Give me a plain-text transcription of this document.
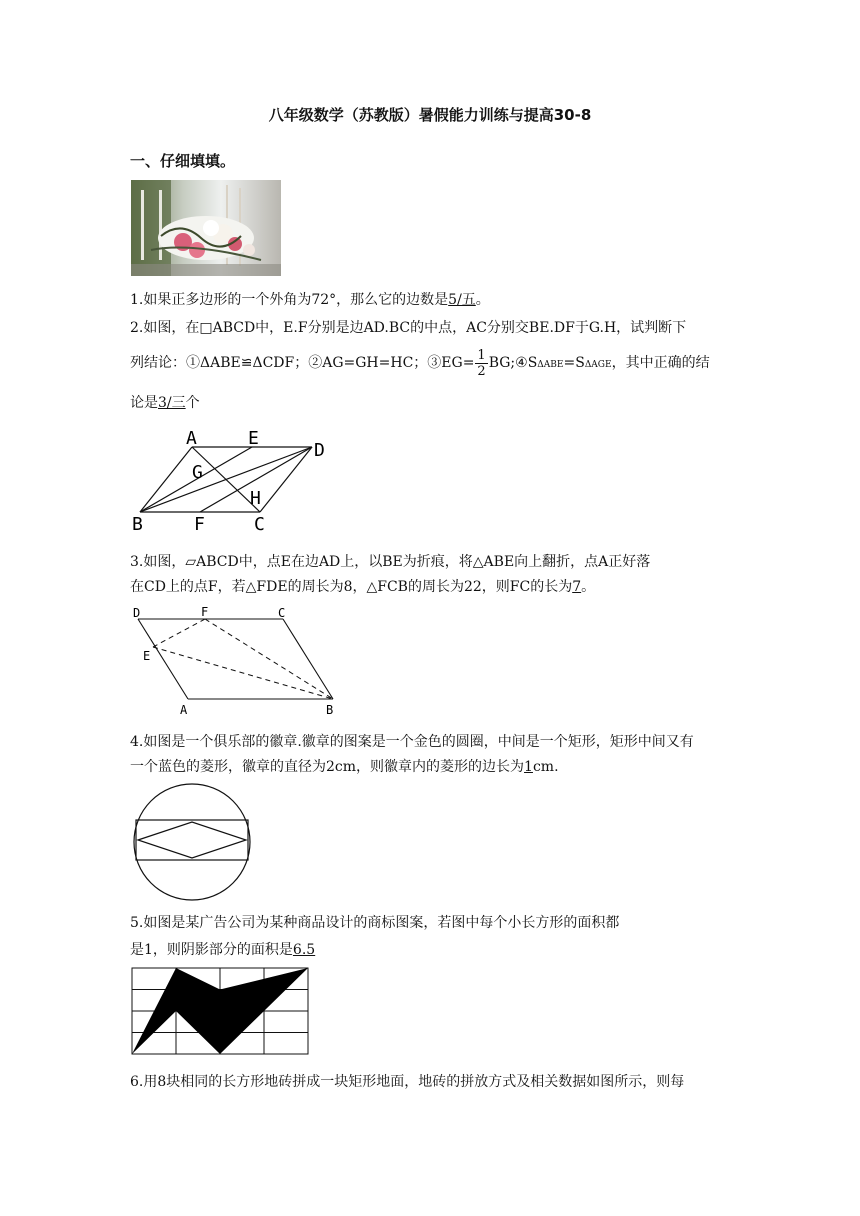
八年级数学（苏教版）暑假能力训练与提高30-8
一、仔细填填。
1.如果正多边形的一个外角为72°，那么它的边数是5/五。
2.如图，在□ABCD中，E.F分别是边AD.BC的中点，AC分别交BE.DF于G.H，试判断下
列结论：①ΔABE≌ΔCDF；②AG=GH=HC；③EG= $\frac{1}{2}$ BG;④SΔABE=SΔAGE，其中正确的结
论是3/三个
A	E
D
G
H
B	F	C
3.如图，▱ABCD中，点E在边AD上，以BE为折痕，将△ABE向上翻折，点A正好落
在CD上的点F，若△FDE的周长为8，△FCB的周长为22，则FC的长为7。
D	F	C
E
A	B
4.如图是一个俱乐部的徽章.徽章的图案是一个金色的圆圈，中间是一个矩形，矩形中间又有
一个蓝色的菱形，徽章的直径为2cm，则徽章内的菱形的边长为1cm.
5.如图是某广告公司为某种商品设计的商标图案，若图中每个小长方形的面积都
是1，则阴影部分的面积是6.5
6.用8块相同的长方形地砖拼成一块矩形地面，地砖的拼放方式及相关数据如图所示，则每
